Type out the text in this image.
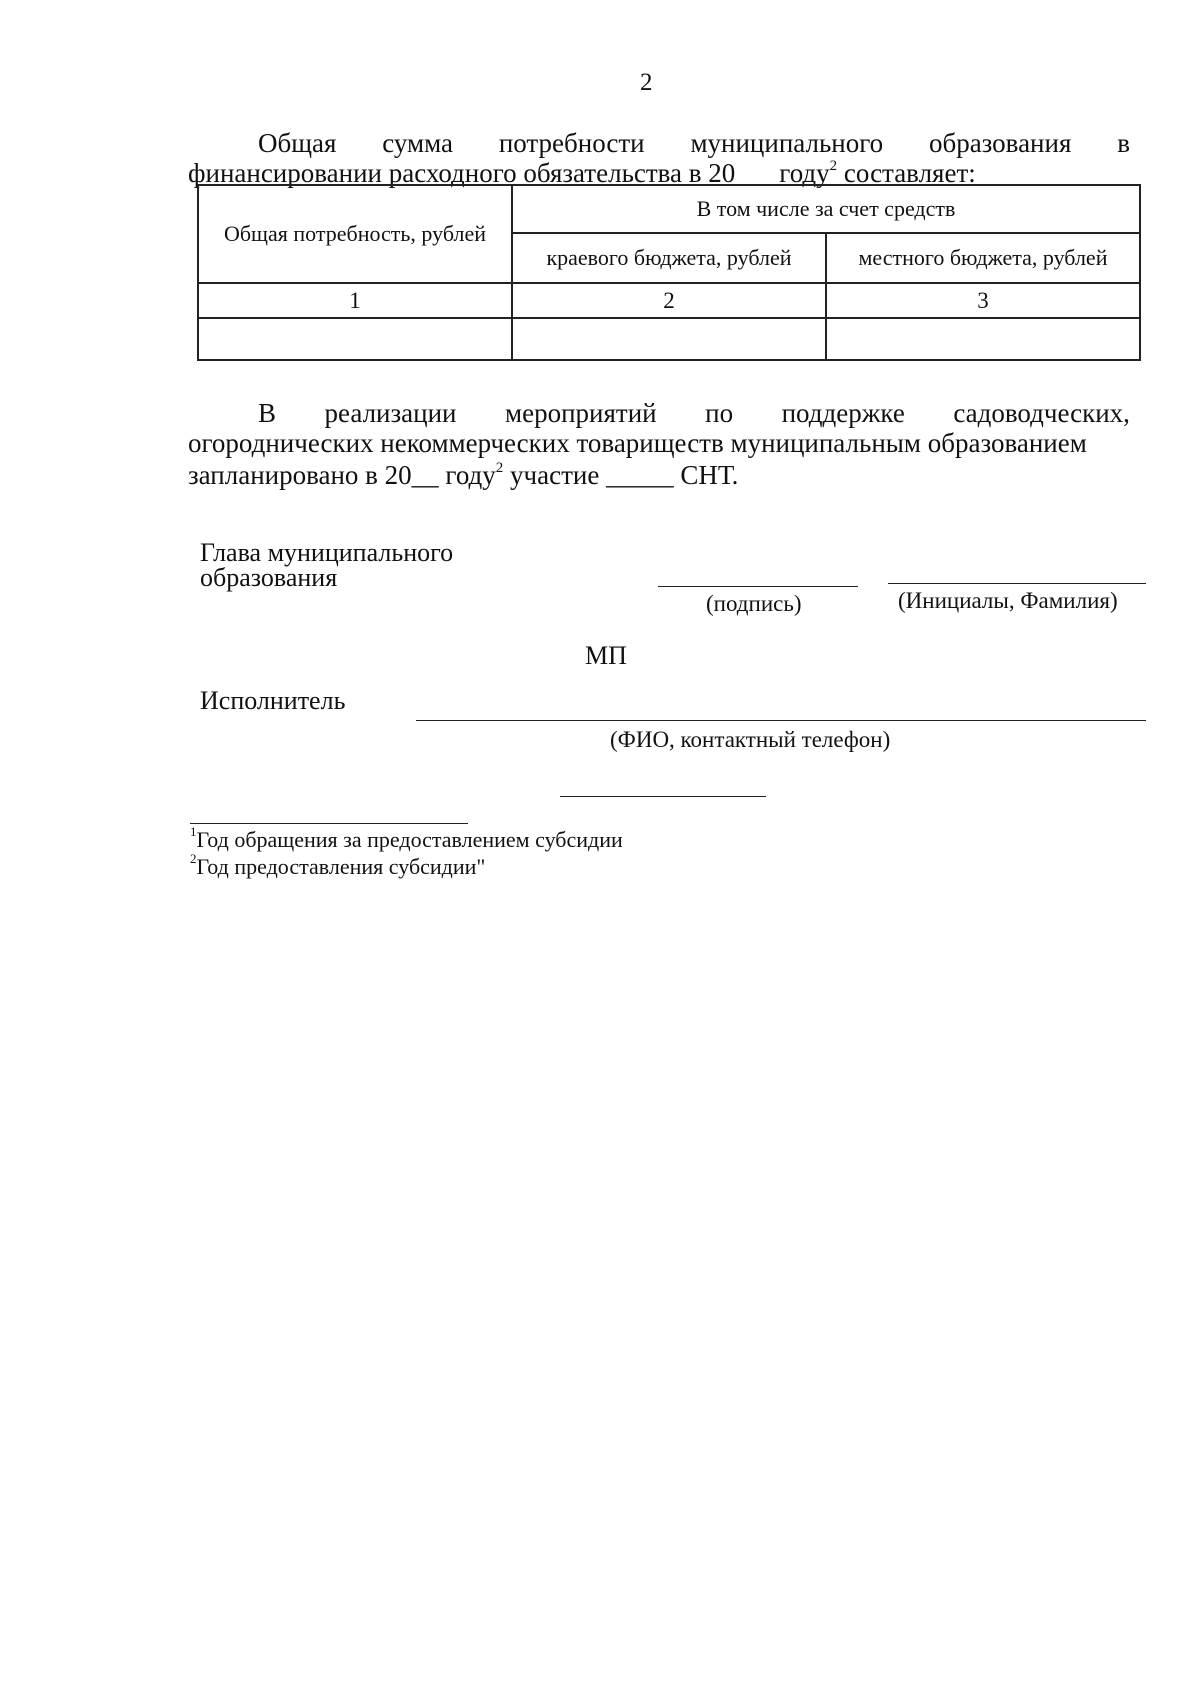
2
Общая сумма потребности муниципального образования в
финансировании расходного обязательства в 20 году$^2$ составляет:
Общая потребность, рублей	В том числе за счет средств	
	краевого бюджета, рублей	местного бюджета, рублей
1	2	3

В реализации мероприятий по поддержке садоводческих,
огороднических некоммерческих товариществ муниципальным образованием
запланировано в 20__ году$^2$ участие _____ СНТ.
Глава муниципального
образования
(подпись)	(Инициалы, Фамилия)
МП
Исполнитель
(ФИО, контактный телефон)
$^1$Год обращения за предоставлением субсидии
$^2$Год предоставления субсидии"
